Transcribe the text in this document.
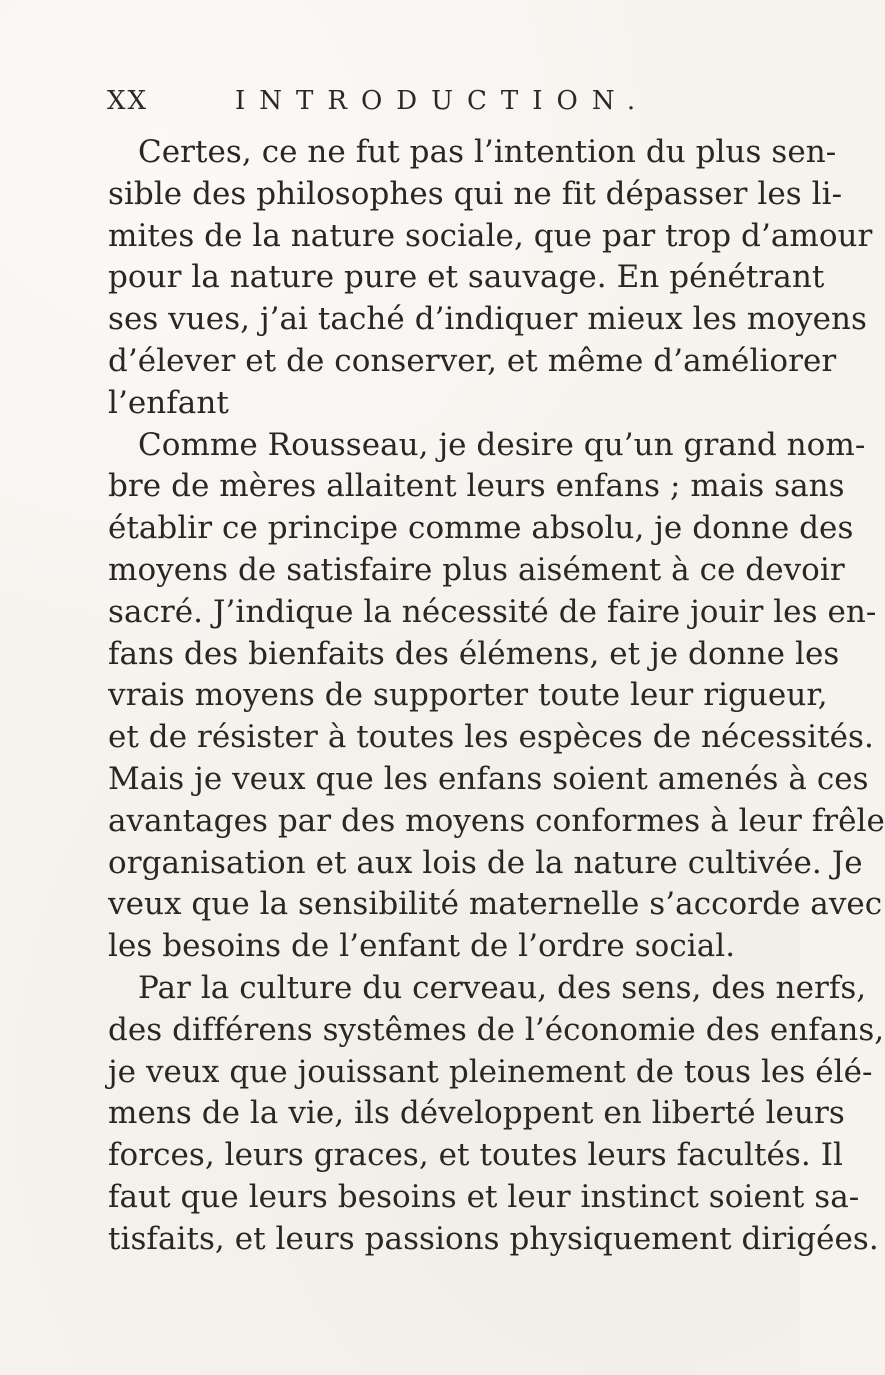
XX	INTRODUCTION.
Certes, ce ne fut pas l’intention du plus sen-
sible des philosophes qui ne fit dépasser les li-
mites de la nature sociale, que par trop d’amour
pour la nature pure et sauvage. En pénétrant
ses vues, j’ai taché d’indiquer mieux les moyens
d’élever et de conserver, et même d’améliorer
l’enfant
Comme Rousseau, je desire qu’un grand nom-
bre de mères allaitent leurs enfans ; mais sans
établir ce principe comme absolu, je donne des
moyens de satisfaire plus aisément à ce devoir
sacré. J’indique la nécessité de faire jouir les en-
fans des bienfaits des élémens, et je donne les
vrais moyens de supporter toute leur rigueur,
et de résister à toutes les espèces de nécessités.
Mais je veux que les enfans soient amenés à ces
avantages par des moyens conformes à leur frêle
organisation et aux lois de la nature cultivée. Je
veux que la sensibilité maternelle s’accorde avec
les besoins de l’enfant de l’ordre social.
Par la culture du cerveau, des sens, des nerfs,
des différens systêmes de l’économie des enfans,
je veux que jouissant pleinement de tous les élé-
mens de la vie, ils développent en liberté leurs
forces, leurs graces, et toutes leurs facultés. Il
faut que leurs besoins et leur instinct soient sa-
tisfaits, et leurs passions physiquement dirigées.
